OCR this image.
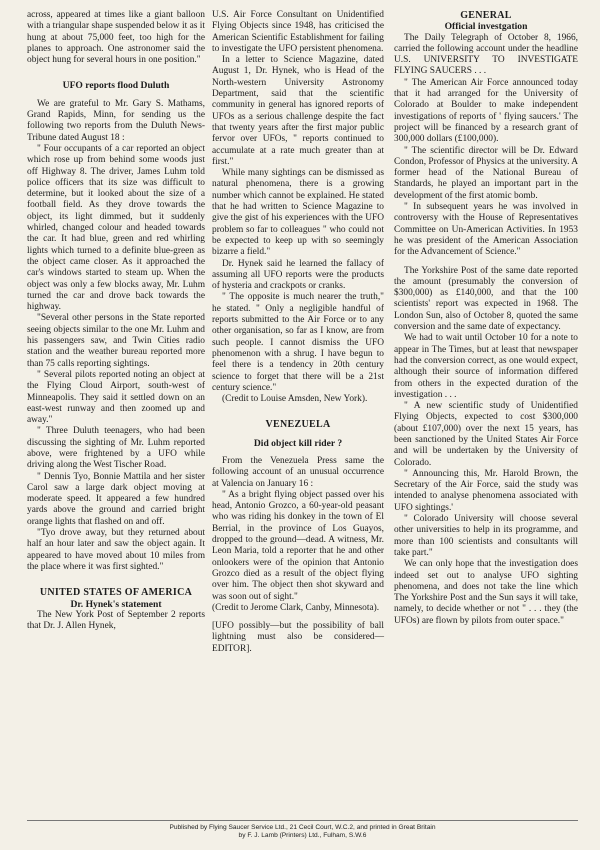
across, appeared at times like a giant balloon with a triangular shape suspended below it as it hung at about 75,000 feet, too high for the planes to approach. One astronomer said the object hung for several hours in one position."

UFO reports flood Duluth

We are grateful to Mr. Gary S. Mathams, Grand Rapids, Minn, for sending us the following two reports from the Duluth News-Tribune dated August 18 :

" Four occupants of a car reported an object which rose up from behind some woods just off Highway 8. The driver, James Luhm told police officers that its size was difficult to determine, but it looked about the size of a football field. As they drove towards the object, its light dimmed, but it suddenly whirled, changed colour and headed towards the car. It had blue, green and red whirling lights which turned to a definite blue-green as the object came closer. As it approached the car's windows started to steam up. When the object was only a few blocks away, Mr. Luhm turned the car and drove back towards the highway.

"Several other persons in the State reported seeing objects similar to the one Mr. Luhm and his passengers saw, and Twin Cities radio station and the weather bureau reported more than 75 calls reporting sightings.

" Several pilots reported noting an object at the Flying Cloud Airport, south-west of Minneapolis. They said it settled down on an east-west runway and then zoomed up and away."

" Three Duluth teenagers, who had been discussing the sighting of Mr. Luhm reported above, were frightened by a UFO while driving along the West Tischer Road.

" Dennis Tyo, Bonnie Mattila and her sister Carol saw a large dark object moving at moderate speed. It appeared a few hundred yards above the ground and carried bright orange lights that flashed on and off.

"Tyo drove away, but they returned about half an hour later and saw the object again. It appeared to have moved about 10 miles from the place where it was first sighted."

UNITED STATES OF AMERICA

Dr. Hynek's statement

The New York Post of September 2 reports that Dr. J. Allen Hynek,

U.S. Air Force Consultant on Unidentified Flying Objects since 1948, has criticised the American Scientific Establishment for failing to investigate the UFO persistent phenomena.

In a letter to Science Magazine, dated August 1, Dr. Hynek, who is Head of the North-western University Astronomy Department, said that the scientific community in general has ignored reports of UFOs as a serious challenge despite the fact that twenty years after the first major public fervor over UFOs, " reports continued to accumulate at a rate much greater than at first."

While many sightings can be dismissed as natural phenomena, there is a growing number which cannot be explained. He stated that he had written to Science Magazine to give the gist of his experiences with the UFO problem so far to colleagues " who could not be expected to keep up with so seemingly bizarre a field."

Dr. Hynek said he learned the fallacy of assuming all UFO reports were the products of hysteria and crackpots or cranks.

" The opposite is much nearer the truth," he stated. " Only a negligible handful of reports submitted to the Air Force or to any other organisation, so far as I know, are from such people. I cannot dismiss the UFO phenomenon with a shrug. I have begun to feel there is a tendency in 20th century science to forget that there will be a 21st century science."

(Credit to Louise Amsden, New York).

VENEZUELA

Did object kill rider ?

From the Venezuela Press same the following account of an unusual occurrence at Valencia on January 16 :

" As a bright flying object passed over his head, Antonio Grozco, a 60-year-old peasant who was riding his donkey in the town of El Berrial, in the province of Los Guayos, dropped to the ground—dead. A witness, Mr. Leon Maria, told a reporter that he and other onlookers were of the opinion that Antonio Grozco died as a result of the object flying over him. The object then shot skyward and was soon out of sight."

(Credit to Jerome Clark, Canby, Minnesota).

[UFO possibly—but the possibility of ball lightning must also be considered—EDITOR].

GENERAL

Official investgation

The Daily Telegraph of October 8, 1966, carried the following account under the headline U.S. UNIVERSITY TO INVESTIGATE FLYING SAUCERS . . .

" The American Air Force announced today that it had arranged for the University of Colorado at Boulder to make independent investigations of reports of ' flying saucers.' The project will be financed by a research grant of 300,000 dollars (£100,000).

" The scientific director will be Dr. Edward Condon, Professor of Physics at the university. A former head of the National Bureau of Standards, he played an important part in the development of the first atomic bomb.

" In subsequent years he was involved in controversy with the House of Representatives Committee on Un-American Activities. In 1953 he was president of the American Association for the Advancement of Science."

The Yorkshire Post of the same date reported the amount (presumably the conversion of $300,000) as £140,000, and that the 100 scientists' report was expected in 1968. The London Sun, also of October 8, quoted the same conversion and the same date of expectancy.

We had to wait until October 10 for a note to appear in The Times, but at least that newspaper had the conversion correct, as one would expect, although their source of information differed from others in the expected duration of the investigation . . .

" A new scientific study of Unidentified Flying Objects, expected to cost $300,000 (about £107,000) over the next 15 years, has been sanctioned by the United States Air Force and will be undertaken by the University of Colorado.

" Announcing this, Mr. Harold Brown, the Secretary of the Air Force, said the study was intended to analyse phenomena associated with UFO sightings.'

" Colorado University will choose several other universities to help in its programme, and more than 100 scientists and consultants will take part."

We can only hope that the investigation does indeed set out to analyse UFO sighting phenomena, and does not take the line which The Yorkshire Post and the Sun says it will take, namely, to decide whether or not " . . . they (the UFOs) are flown by pilots from outer space."

Published by Flying Saucer Service Ltd., 21 Cecil Court, W.C.2, and printed in Great Britain
by F. J. Lamb (Printers) Ltd., Fulham, S.W.6
